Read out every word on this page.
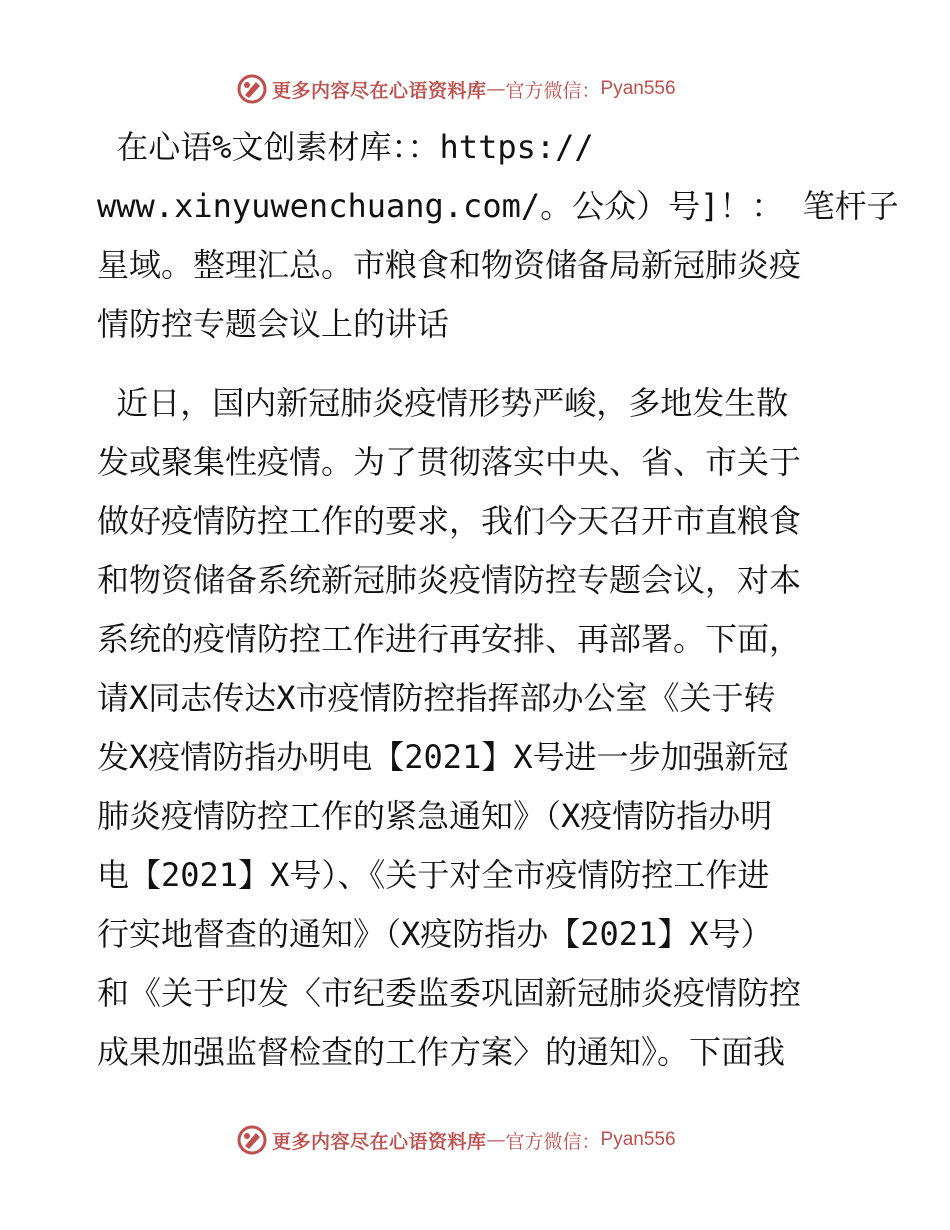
更多内容尽在心语资料库 — 官方微信： Pyan556
在心语%文创素材库：：https://
www.xinyuwenchuang.com/。公众）号]！： 笔杆子
星域。整理汇总。市粮食和物资储备局新冠肺炎疫
情防控专题会议上的讲话
近日，国内新冠肺炎疫情形势严峻，多地发生散
发或聚集性疫情。为了贯彻落实中央、省、市关于
做好疫情防控工作的要求，我们今天召开市直粮食
和物资储备系统新冠肺炎疫情防控专题会议，对本
系统的疫情防控工作进行再安排、再部署。下面，
请X同志传达X市疫情防控指挥部办公室《关于转
发X疫情防指办明电【2021】X号进一步加强新冠
肺炎疫情防控工作的紧急通知》（X疫情防指办明
电【2021】X号）、《关于对全市疫情防控工作进
行实地督查的通知》（X疫防指办【2021】X号）
和《关于印发〈市纪委监委巩固新冠肺炎疫情防控
成果加强监督检查的工作方案〉的通知》。下面我
更多内容尽在心语资料库 — 官方微信： Pyan556
